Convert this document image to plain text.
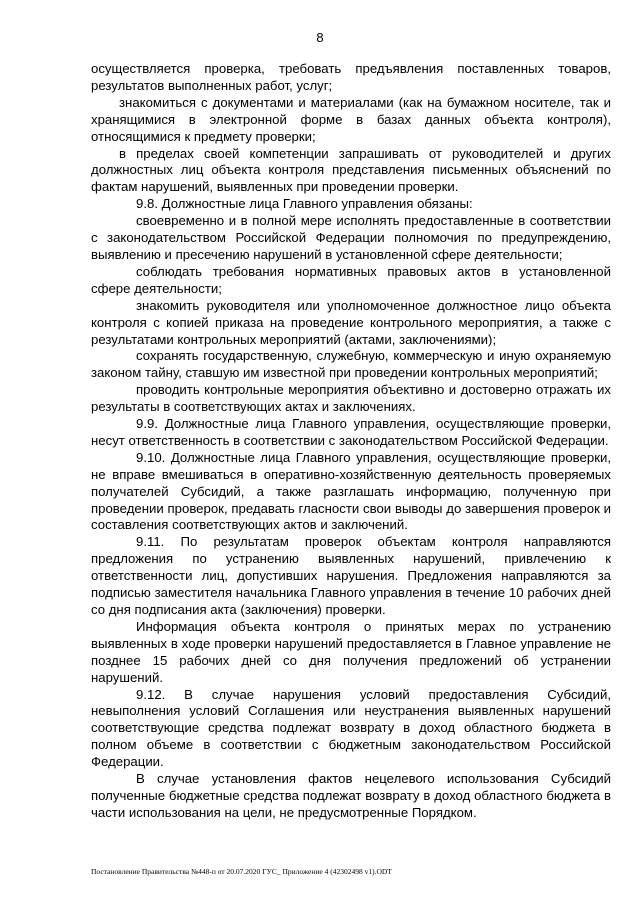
8

осуществляется проверка, требовать предъявления поставленных товаров, результатов выполненных работ, услуг;

знакомиться с документами и материалами (как на бумажном носителе, так и хранящимися в электронной форме в базах данных объекта контроля), относящимися к предмету проверки;

в пределах своей компетенции запрашивать от руководителей и других должностных лиц объекта контроля представления письменных объяснений по фактам нарушений, выявленных при проведении проверки.

9.8. Должностные лица Главного управления обязаны:

своевременно и в полной мере исполнять предоставленные в соответствии с законодательством Российской Федерации полномочия по предупреждению, выявлению и пресечению нарушений в установленной сфере деятельности;

соблюдать требования нормативных правовых актов в установленной сфере деятельности;

знакомить руководителя или уполномоченное должностное лицо объекта контроля с копией приказа на проведение контрольного мероприятия, а также с результатами контрольных мероприятий (актами, заключениями);

сохранять государственную, служебную, коммерческую и иную охраняемую законом тайну, ставшую им известной при проведении контрольных мероприятий;

проводить контрольные мероприятия объективно и достоверно отражать их результаты в соответствующих актах и заключениях.

9.9. Должностные лица Главного управления, осуществляющие проверки, несут ответственность в соответствии с законодательством Российской Федерации.

9.10. Должностные лица Главного управления, осуществляющие проверки, не вправе вмешиваться в оперативно-хозяйственную деятельность проверяемых получателей Субсидий, а также разглашать информацию, полученную при проведении проверок, предавать гласности свои выводы до завершения проверок и составления соответствующих актов и заключений.

9.11. По результатам проверок объектам контроля направляются предложения по устранению выявленных нарушений, привлечению к ответственности лиц, допустивших нарушения. Предложения направляются за подписью заместителя начальника Главного управления в течение 10 рабочих дней со дня подписания акта (заключения) проверки.

Информация объекта контроля о принятых мерах по устранению выявленных в ходе проверки нарушений предоставляется в Главное управление не позднее 15 рабочих дней со дня получения предложений об устранении нарушений.

9.12. В случае нарушения условий предоставления Субсидий, невыполнения условий Соглашения или неустранения выявленных нарушений соответствующие средства подлежат возврату в доход областного бюджета в полном объеме в соответствии с бюджетным законодательством Российской Федерации.

В случае установления фактов нецелевого использования Субсидий полученные бюджетные средства подлежат возврату в доход областного бюджета в части использования на цели, не предусмотренные Порядком.

Постановление Правительства №448-п от 20.07.2020 ГУС_ Приложение 4 (42302498 v1).ODT
